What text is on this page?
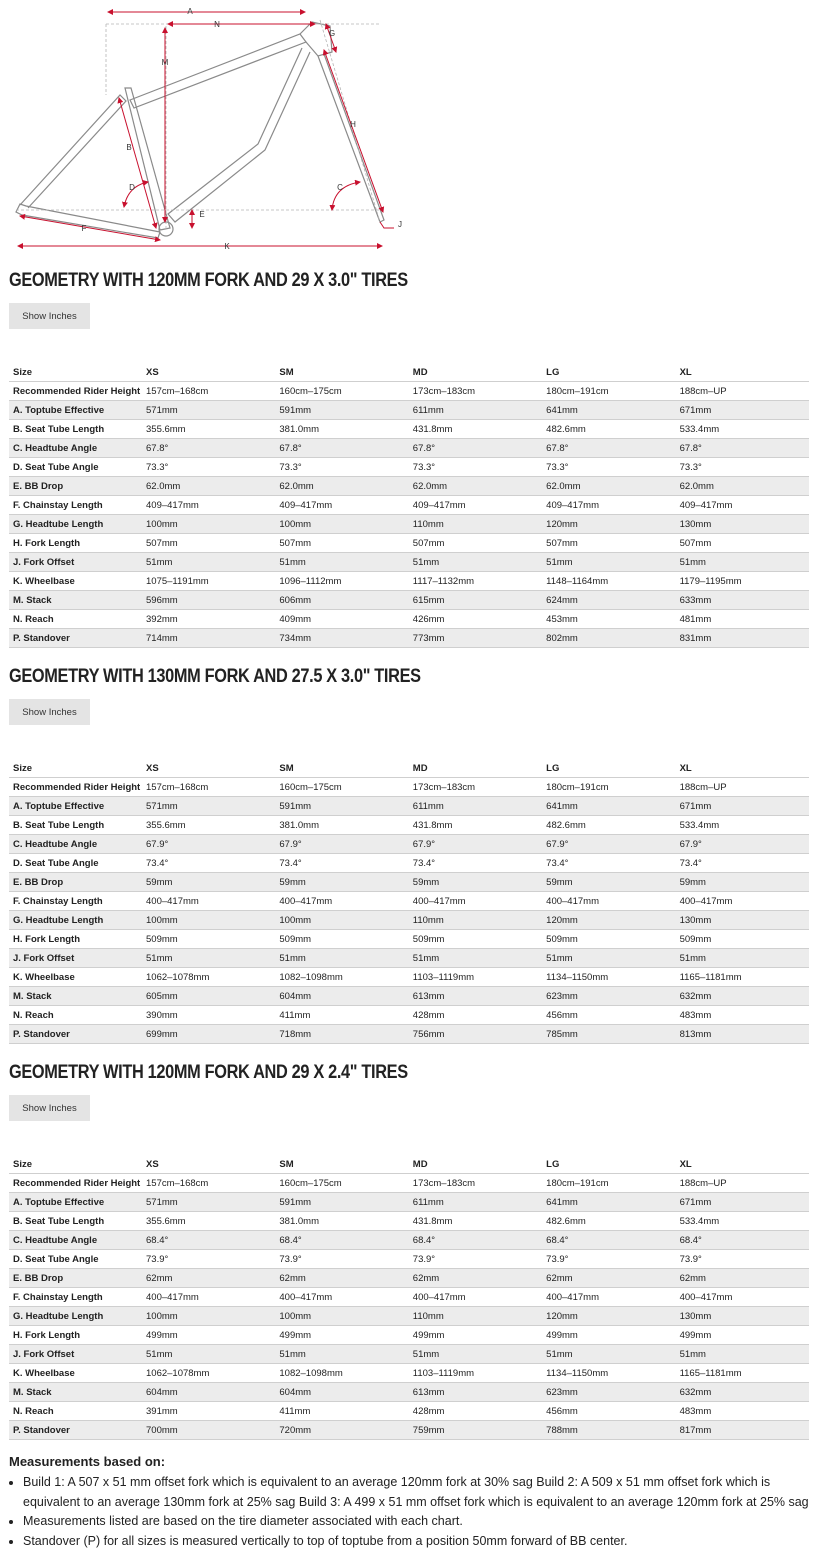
A
N
G
M
B
H
C
D
E
J
F
K
GEOMETRY WITH 120MM FORK AND 29 X 3.0" TIRES
Show Inches
Size	XS	SM	MD	LG	XL
Recommended Rider Height	157cm–168cm	160cm–175cm	173cm–183cm	180cm–191cm	188cm–UP
A. Toptube Effective	571mm	591mm	611mm	641mm	671mm
B. Seat Tube Length	355.6mm	381.0mm	431.8mm	482.6mm	533.4mm
C. Headtube Angle	67.8°	67.8°	67.8°	67.8°	67.8°
D. Seat Tube Angle	73.3°	73.3°	73.3°	73.3°	73.3°
E. BB Drop	62.0mm	62.0mm	62.0mm	62.0mm	62.0mm
F. Chainstay Length	409–417mm	409–417mm	409–417mm	409–417mm	409–417mm
G. Headtube Length	100mm	100mm	110mm	120mm	130mm
H. Fork Length	507mm	507mm	507mm	507mm	507mm
J. Fork Offset	51mm	51mm	51mm	51mm	51mm
K. Wheelbase	1075–1191mm	1096–1112mm	1117–1132mm	1148–1164mm	1179–1195mm
M. Stack	596mm	606mm	615mm	624mm	633mm
N. Reach	392mm	409mm	426mm	453mm	481mm
P. Standover	714mm	734mm	773mm	802mm	831mm
GEOMETRY WITH 130MM FORK AND 27.5 X 3.0" TIRES
Show Inches
Size	XS	SM	MD	LG	XL
Recommended Rider Height	157cm–168cm	160cm–175cm	173cm–183cm	180cm–191cm	188cm–UP
A. Toptube Effective	571mm	591mm	611mm	641mm	671mm
B. Seat Tube Length	355.6mm	381.0mm	431.8mm	482.6mm	533.4mm
C. Headtube Angle	67.9°	67.9°	67.9°	67.9°	67.9°
D. Seat Tube Angle	73.4°	73.4°	73.4°	73.4°	73.4°
E. BB Drop	59mm	59mm	59mm	59mm	59mm
F. Chainstay Length	400–417mm	400–417mm	400–417mm	400–417mm	400–417mm
G. Headtube Length	100mm	100mm	110mm	120mm	130mm
H. Fork Length	509mm	509mm	509mm	509mm	509mm
J. Fork Offset	51mm	51mm	51mm	51mm	51mm
K. Wheelbase	1062–1078mm	1082–1098mm	1103–1119mm	1134–1150mm	1165–1181mm
M. Stack	605mm	604mm	613mm	623mm	632mm
N. Reach	390mm	411mm	428mm	456mm	483mm
P. Standover	699mm	718mm	756mm	785mm	813mm
GEOMETRY WITH 120MM FORK AND 29 X 2.4" TIRES
Show Inches
Size	XS	SM	MD	LG	XL
Recommended Rider Height	157cm–168cm	160cm–175cm	173cm–183cm	180cm–191cm	188cm–UP
A. Toptube Effective	571mm	591mm	611mm	641mm	671mm
B. Seat Tube Length	355.6mm	381.0mm	431.8mm	482.6mm	533.4mm
C. Headtube Angle	68.4°	68.4°	68.4°	68.4°	68.4°
D. Seat Tube Angle	73.9°	73.9°	73.9°	73.9°	73.9°
E. BB Drop	62mm	62mm	62mm	62mm	62mm
F. Chainstay Length	400–417mm	400–417mm	400–417mm	400–417mm	400–417mm
G. Headtube Length	100mm	100mm	110mm	120mm	130mm
H. Fork Length	499mm	499mm	499mm	499mm	499mm
J. Fork Offset	51mm	51mm	51mm	51mm	51mm
K. Wheelbase	1062–1078mm	1082–1098mm	1103–1119mm	1134–1150mm	1165–1181mm
M. Stack	604mm	604mm	613mm	623mm	632mm
N. Reach	391mm	411mm	428mm	456mm	483mm
P. Standover	700mm	720mm	759mm	788mm	817mm

Measurements based on:

• Build 1: A 507 x 51 mm offset fork which is equivalent to an average 120mm fork at 30% sag Build 2: A 509 x 51 mm offset fork which is equivalent to an average 130mm fork at 25% sag Build 3: A 499 x 51 mm offset fork which is equivalent to an average 120mm fork at 25% sag
• Measurements listed are based on the tire diameter associated with each chart.
• Standover (P) for all sizes is measured vertically to top of toptube from a position 50mm forward of BB center.
